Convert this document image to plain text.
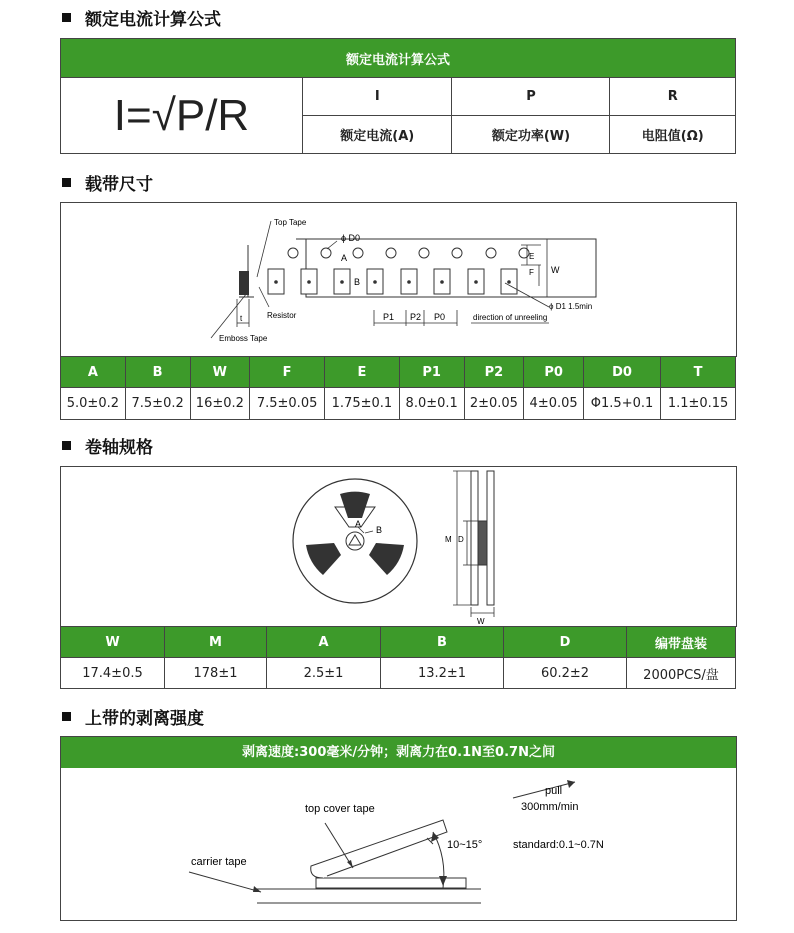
额定电流计算公式
额定电流计算公式			
I=√P/R	I	P	R
	额定电流(A)	额定功率(W)	电阻值(Ω)
载带尺寸
Top Tape
ϕ D0
A
B
E
F W
ϕ D1 1.5min
Resistor
Emboss Tape
t	P1 P2 P0	direction of unreeling
A	B	W	F	E	P1	P2	P0	D0	T
5.0±0.2	7.5±0.2	16±0.2	7.5±0.05	1.75±0.1	8.0±0.1	2±0.05	4±0.05	Φ1.5+0.1	1.1±0.15
卷轴规格
A
B
M D
W
W	M	A	B	D	编带盘装
17.4±0.5	178±1	2.5±1	13.2±1	60.2±2	2000PCS/盘
上带的剥离强度
剥离速度:300毫米/分钟；剥离力在0.1N至0.7N之间
pull
300mm/min
top cover tape
10~15°	standard:0.1~0.7N
carrier tape
